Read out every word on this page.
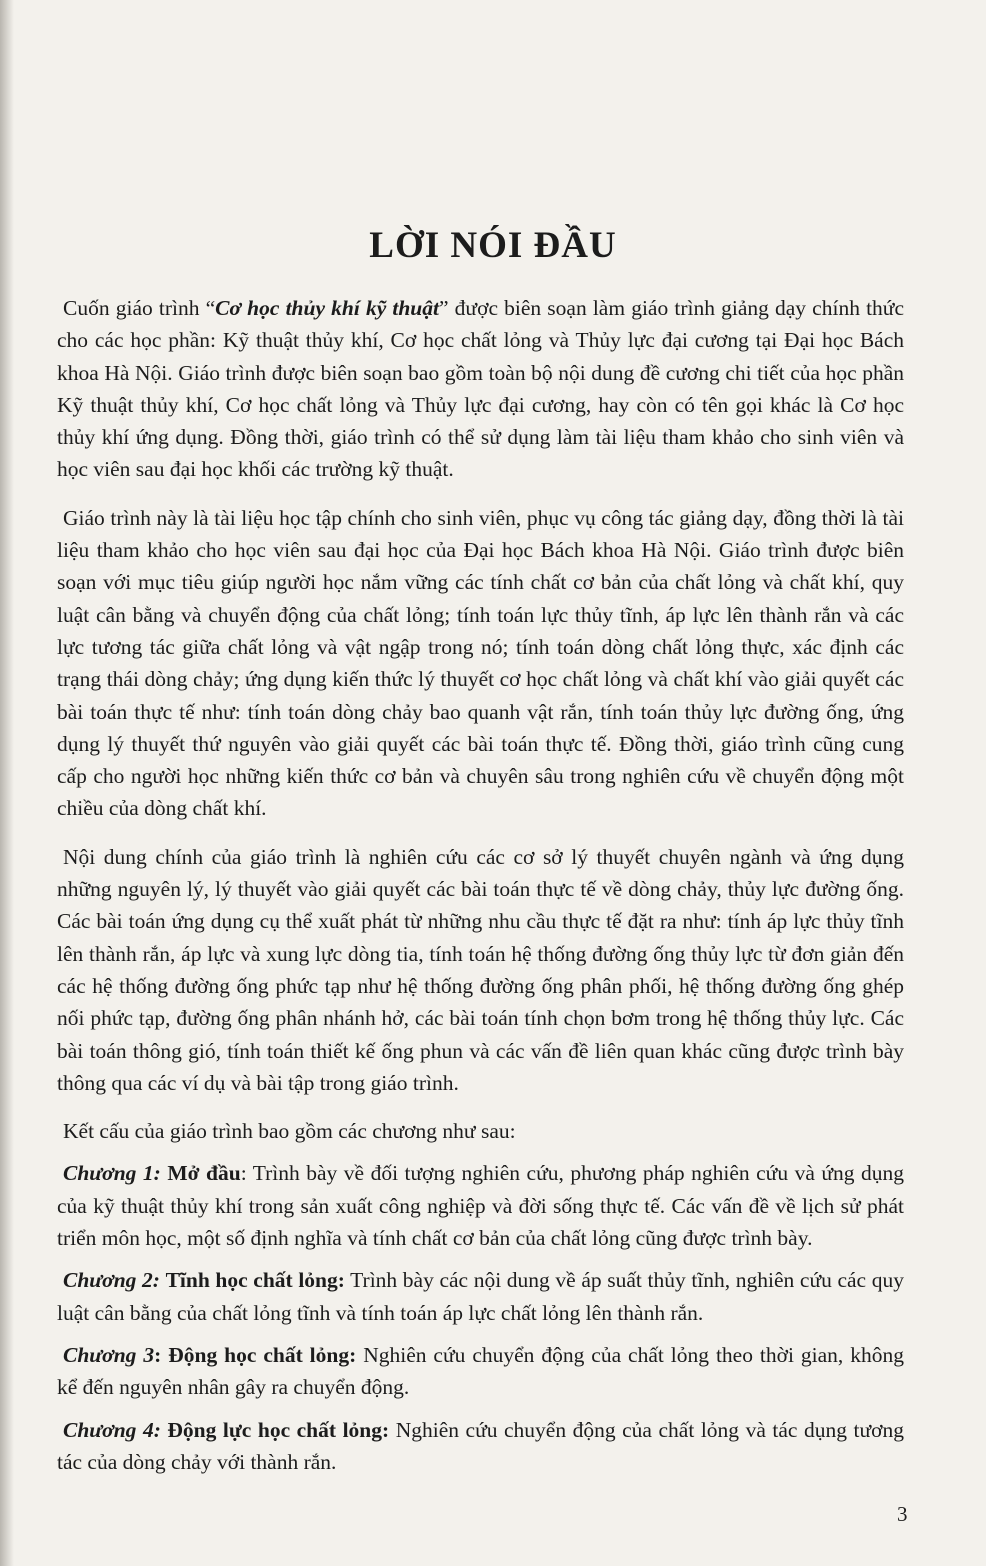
LỜI NÓI ĐẦU

Cuốn giáo trình “Cơ học thủy khí kỹ thuật” được biên soạn làm giáo trình giảng dạy chính thức cho các học phần: Kỹ thuật thủy khí, Cơ học chất lỏng và Thủy lực đại cương tại Đại học Bách khoa Hà Nội. Giáo trình được biên soạn bao gồm toàn bộ nội dung đề cương chi tiết của học phần Kỹ thuật thủy khí, Cơ học chất lỏng và Thủy lực đại cương, hay còn có tên gọi khác là Cơ học thủy khí ứng dụng. Đồng thời, giáo trình có thể sử dụng làm tài liệu tham khảo cho sinh viên và học viên sau đại học khối các trường kỹ thuật.

Giáo trình này là tài liệu học tập chính cho sinh viên, phục vụ công tác giảng dạy, đồng thời là tài liệu tham khảo cho học viên sau đại học của Đại học Bách khoa Hà Nội. Giáo trình được biên soạn với mục tiêu giúp người học nắm vững các tính chất cơ bản của chất lỏng và chất khí, quy luật cân bằng và chuyển động của chất lỏng; tính toán lực thủy tĩnh, áp lực lên thành rắn và các lực tương tác giữa chất lỏng và vật ngập trong nó; tính toán dòng chất lỏng thực, xác định các trạng thái dòng chảy; ứng dụng kiến thức lý thuyết cơ học chất lỏng và chất khí vào giải quyết các bài toán thực tế như: tính toán dòng chảy bao quanh vật rắn, tính toán thủy lực đường ống, ứng dụng lý thuyết thứ nguyên vào giải quyết các bài toán thực tế. Đồng thời, giáo trình cũng cung cấp cho người học những kiến thức cơ bản và chuyên sâu trong nghiên cứu về chuyển động một chiều của dòng chất khí.

Nội dung chính của giáo trình là nghiên cứu các cơ sở lý thuyết chuyên ngành và ứng dụng những nguyên lý, lý thuyết vào giải quyết các bài toán thực tế về dòng chảy, thủy lực đường ống. Các bài toán ứng dụng cụ thể xuất phát từ những nhu cầu thực tế đặt ra như: tính áp lực thủy tĩnh lên thành rắn, áp lực và xung lực dòng tia, tính toán hệ thống đường ống thủy lực từ đơn giản đến các hệ thống đường ống phức tạp như hệ thống đường ống phân phối, hệ thống đường ống ghép nối phức tạp, đường ống phân nhánh hở, các bài toán tính chọn bơm trong hệ thống thủy lực. Các bài toán thông gió, tính toán thiết kế ống phun và các vấn đề liên quan khác cũng được trình bày thông qua các ví dụ và bài tập trong giáo trình.

Kết cấu của giáo trình bao gồm các chương như sau:

Chương 1: Mở đầu: Trình bày về đối tượng nghiên cứu, phương pháp nghiên cứu và ứng dụng của kỹ thuật thủy khí trong sản xuất công nghiệp và đời sống thực tế. Các vấn đề về lịch sử phát triển môn học, một số định nghĩa và tính chất cơ bản của chất lỏng cũng được trình bày.

Chương 2: Tĩnh học chất lỏng: Trình bày các nội dung về áp suất thủy tĩnh, nghiên cứu các quy luật cân bằng của chất lỏng tĩnh và tính toán áp lực chất lỏng lên thành rắn.

Chương 3: Động học chất lỏng: Nghiên cứu chuyển động của chất lỏng theo thời gian, không kể đến nguyên nhân gây ra chuyển động.

Chương 4: Động lực học chất lỏng: Nghiên cứu chuyển động của chất lỏng và tác dụng tương tác của dòng chảy với thành rắn.

3
